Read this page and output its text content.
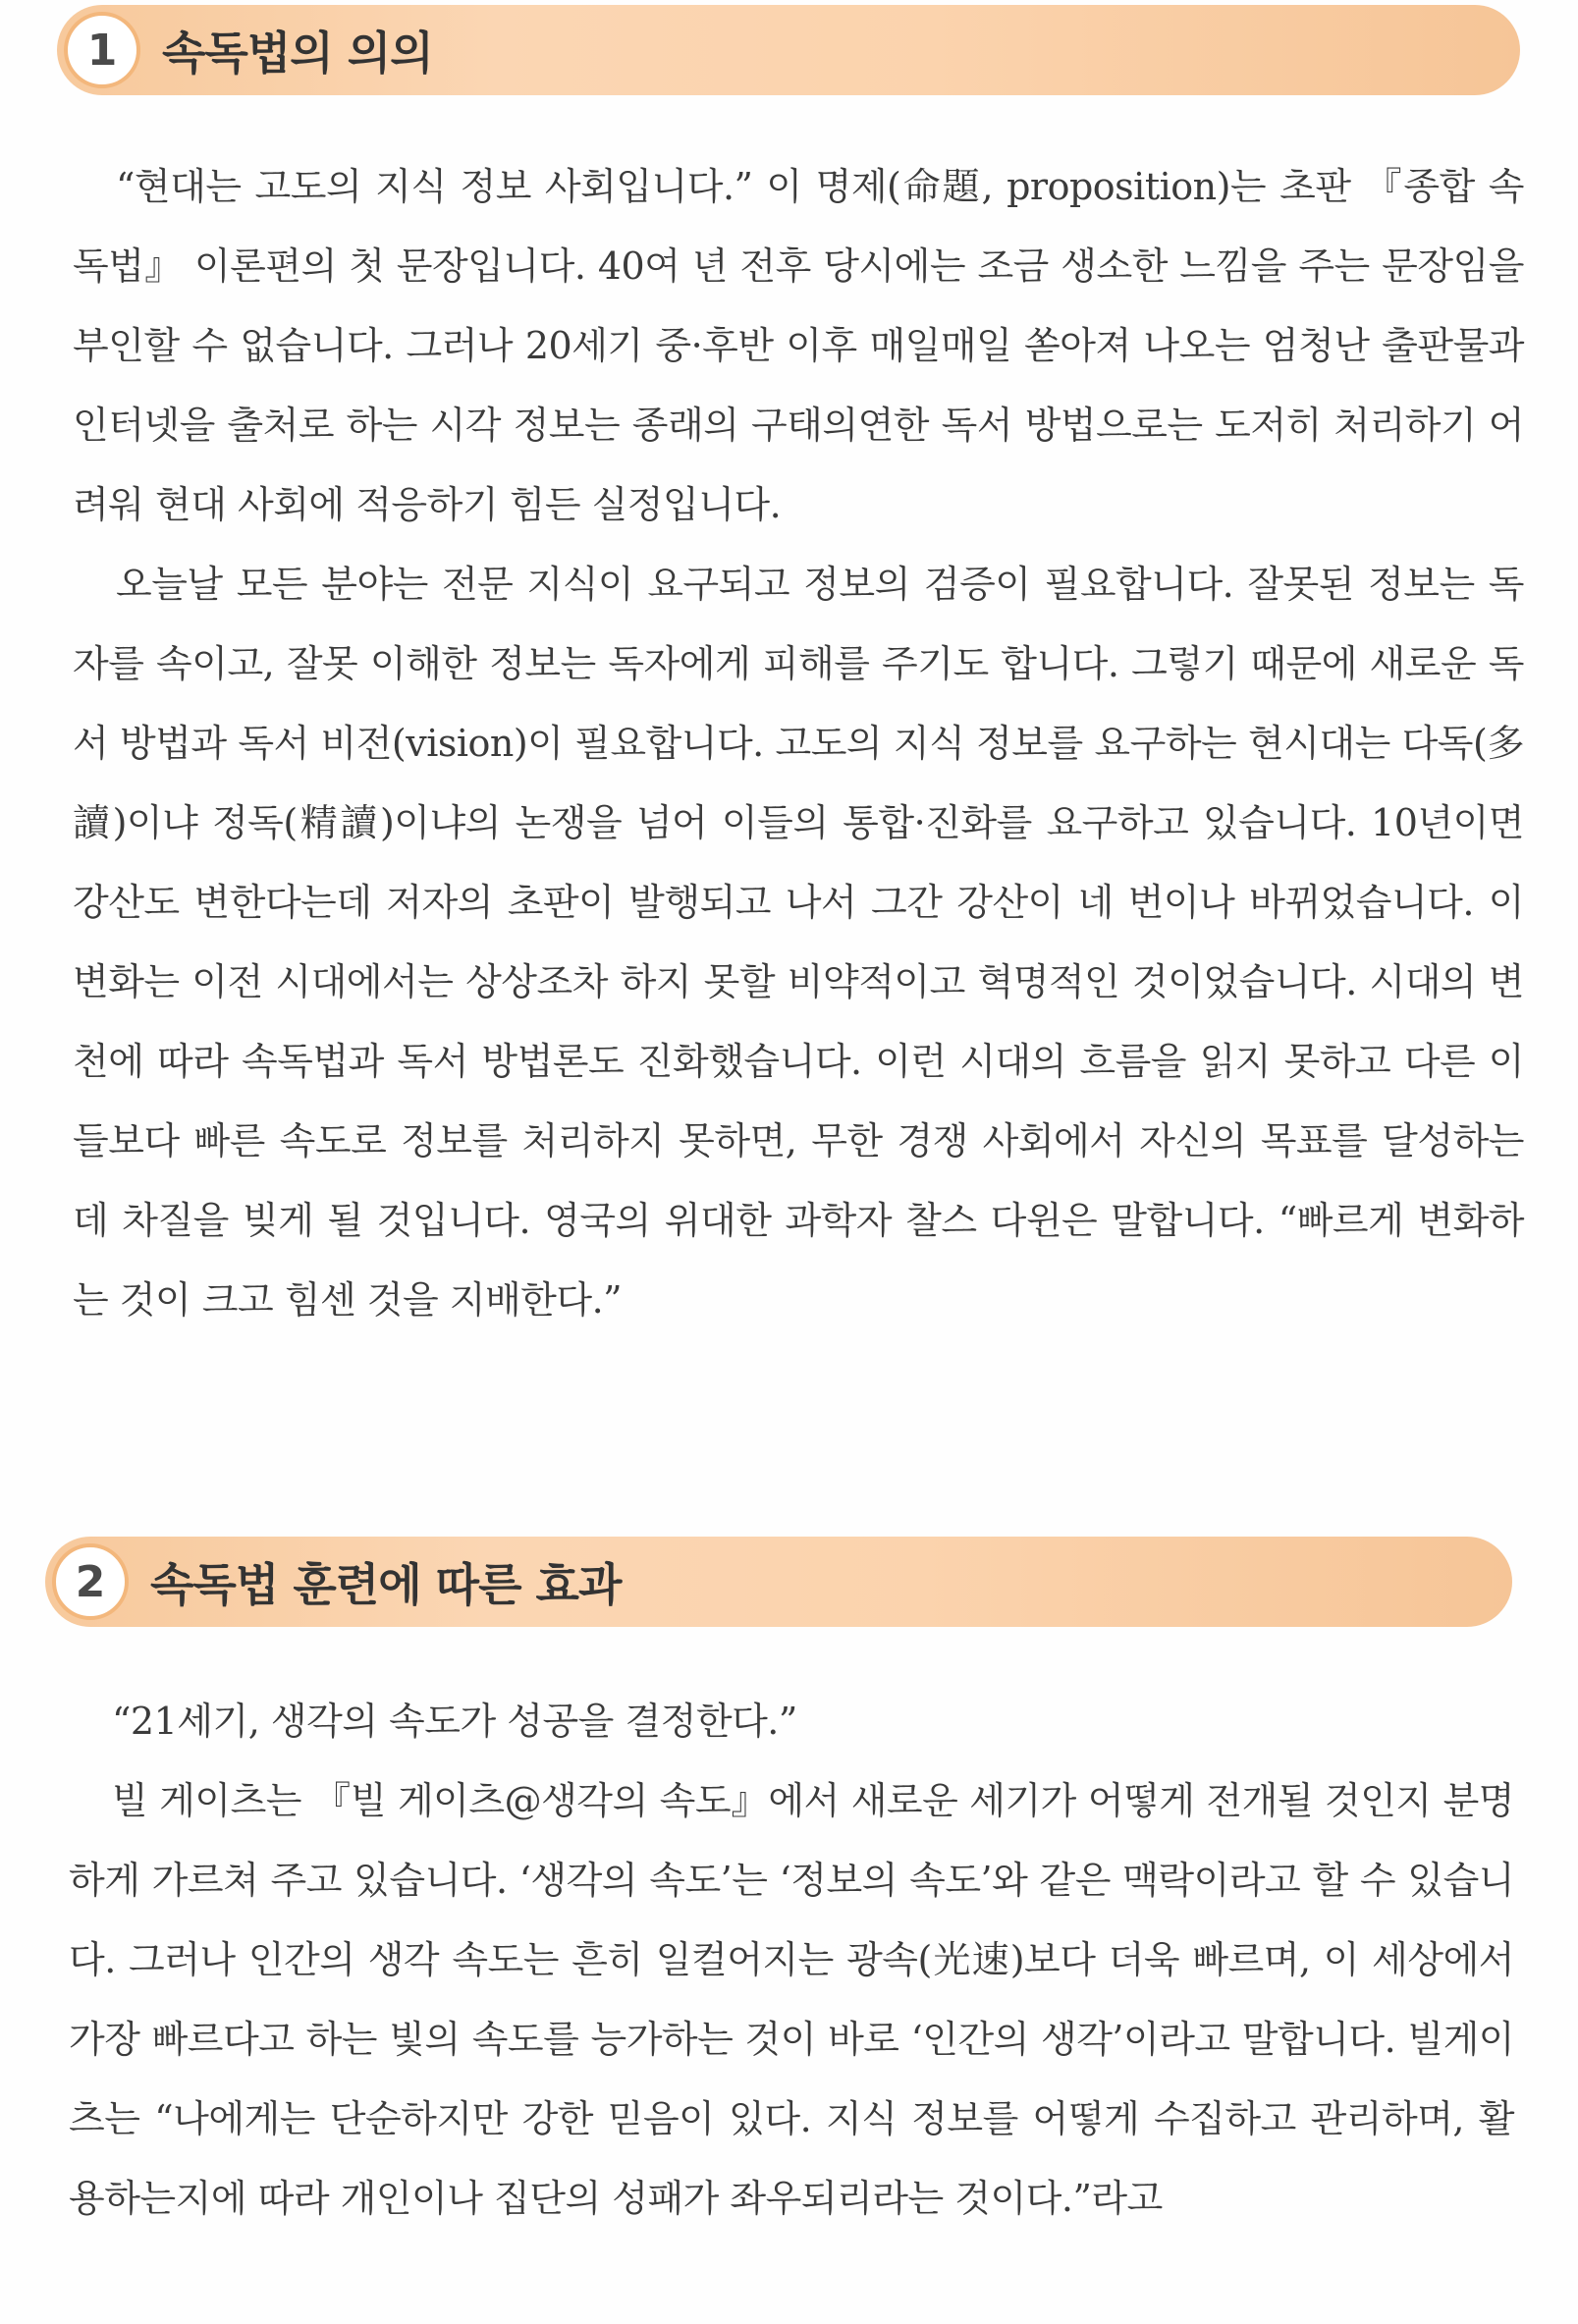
1 속독법의 의의

“현대는 고도의 지식 정보 사회입니다.” 이 명제(命題, proposition)는 초판 『종합 속독법』 이론편의 첫 문장입니다. 40여 년 전후 당시에는 조금 생소한 느낌을 주는 문장임을 부인할 수 없습니다. 그러나 20세기 중·후반 이후 매일매일 쏟아져 나오는 엄청난 출판물과 인터넷을 출처로 하는 시각 정보는 종래의 구태의연한 독서 방법으로는 도저히 처리하기 어려워 현대 사회에 적응하기 힘든 실정입니다.

오늘날 모든 분야는 전문 지식이 요구되고 정보의 검증이 필요합니다. 잘못된 정보는 독자를 속이고, 잘못 이해한 정보는 독자에게 피해를 주기도 합니다. 그렇기 때문에 새로운 독서 방법과 독서 비전(vision)이 필요합니다. 고도의 지식 정보를 요구하는 현시대는 다독(多讀)이냐 정독(精讀)이냐의 논쟁을 넘어 이들의 통합·진화를 요구하고 있습니다. 10년이면 강산도 변한다는데 저자의 초판이 발행되고 나서 그간 강산이 네 번이나 바뀌었습니다. 이 변화는 이전 시대에서는 상상조차 하지 못할 비약적이고 혁명적인 것이었습니다. 시대의 변천에 따라 속독법과 독서 방법론도 진화했습니다. 이런 시대의 흐름을 읽지 못하고 다른 이들보다 빠른 속도로 정보를 처리하지 못하면, 무한 경쟁 사회에서 자신의 목표를 달성하는 데 차질을 빚게 될 것입니다. 영국의 위대한 과학자 찰스 다윈은 말합니다. “빠르게 변화하는 것이 크고 힘센 것을 지배한다.”

2 속독법 훈련에 따른 효과

“21세기, 생각의 속도가 성공을 결정한다.”

빌 게이츠는 『빌 게이츠@생각의 속도』에서 새로운 세기가 어떻게 전개될 것인지 분명하게 가르쳐 주고 있습니다. ‘생각의 속도’는 ‘정보의 속도’와 같은 맥락이라고 할 수 있습니다. 그러나 인간의 생각 속도는 흔히 일컬어지는 광속(光速)보다 더욱 빠르며, 이 세상에서 가장 빠르다고 하는 빛의 속도를 능가하는 것이 바로 ‘인간의 생각’이라고 말합니다. 빌게이츠는 “나에게는 단순하지만 강한 믿음이 있다. 지식 정보를 어떻게 수집하고 관리하며, 활용하는지에 따라 개인이나 집단의 성패가 좌우되리라는 것이다.”라고
